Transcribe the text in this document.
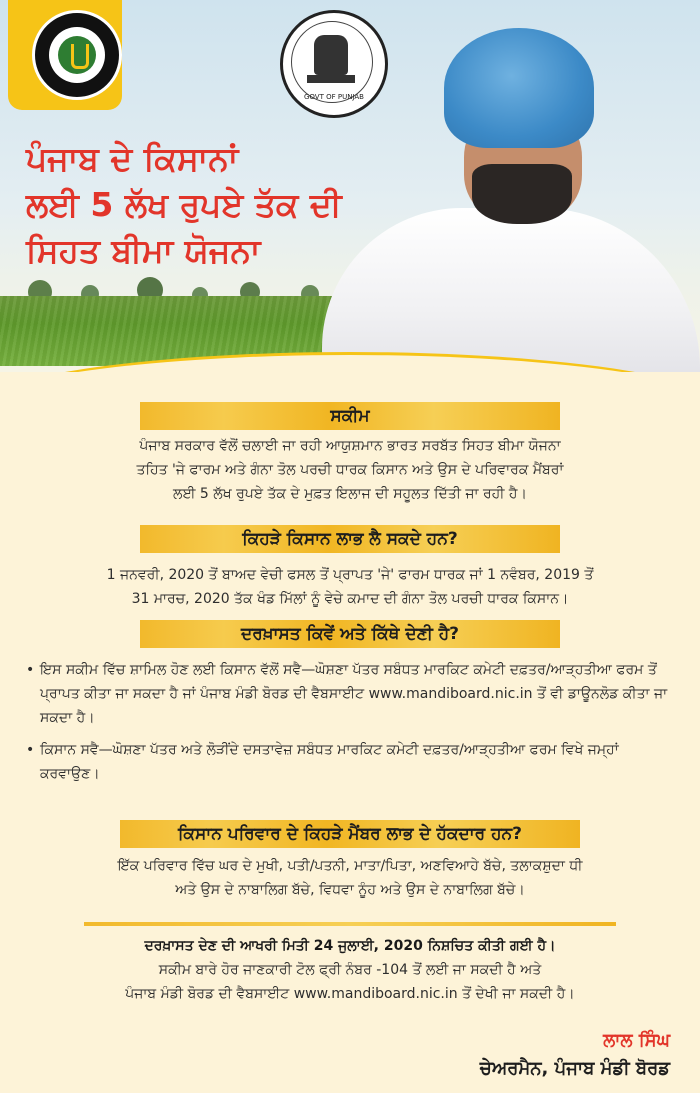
GOVT OF PUNJAB
ਪੰਜਾਬ ਦੇ ਕਿਸਾਨਾਂ
ਲਈ 5 ਲੱਖ ਰੁਪਏ ਤੱਕ ਦੀ
ਸਿਹਤ ਬੀਮਾ ਯੋਜਨਾ
ਸਕੀਮ
ਪੰਜਾਬ ਸਰਕਾਰ ਵੱਲੋਂ ਚਲਾਈ ਜਾ ਰਹੀ ਆਯੁਸ਼ਮਾਨ ਭਾਰਤ ਸਰਬੱਤ ਸਿਹਤ ਬੀਮਾ ਯੋਜਨਾ
ਤਹਿਤ 'ਜੇ ਫਾਰਮ ਅਤੇ ਗੰਨਾ ਤੋਲ ਪਰਚੀ ਧਾਰਕ ਕਿਸਾਨ ਅਤੇ ਉਸ ਦੇ ਪਰਿਵਾਰਕ ਮੈਂਬਰਾਂ
ਲਈ 5 ਲੱਖ ਰੁਪਏ ਤੱਕ ਦੇ ਮੁਫ਼ਤ ਇਲਾਜ ਦੀ ਸਹੂਲਤ ਦਿੱਤੀ ਜਾ ਰਹੀ ਹੈ।
ਕਿਹੜੇ ਕਿਸਾਨ ਲਾਭ ਲੈ ਸਕਦੇ ਹਨ?
1 ਜਨਵਰੀ, 2020 ਤੋਂ ਬਾਅਦ ਵੇਚੀ ਫਸਲ ਤੋਂ ਪ੍ਰਾਪਤ 'ਜੇ' ਫਾਰਮ ਧਾਰਕ ਜਾਂ 1 ਨਵੰਬਰ, 2019 ਤੋਂ
31 ਮਾਰਚ, 2020 ਤੱਕ ਖੰਡ ਮਿੱਲਾਂ ਨੂੰ ਵੇਚੇ ਕਮਾਦ ਦੀ ਗੰਨਾ ਤੋਲ ਪਰਚੀ ਧਾਰਕ ਕਿਸਾਨ।
ਦਰਖ਼ਾਸਤ ਕਿਵੇਂ ਅਤੇ ਕਿੱਥੇ ਦੇਣੀ ਹੈ?

• ਇਸ ਸਕੀਮ ਵਿੱਚ ਸ਼ਾਮਿਲ ਹੋਣ ਲਈ ਕਿਸਾਨ ਵੱਲੋਂ ਸਵੈ—ਘੋਸ਼ਣਾ ਪੱਤਰ ਸਬੰਧਤ ਮਾਰਕਿਟ ਕਮੇਟੀ ਦਫ਼ਤਰ/ਆੜ੍ਹਤੀਆ ਫਰਮ ਤੋਂ ਪ੍ਰਾਪਤ ਕੀਤਾ ਜਾ ਸਕਦਾ ਹੈ ਜਾਂ ਪੰਜਾਬ ਮੰਡੀ ਬੋਰਡ ਦੀ ਵੈਬਸਾਈਟ www.mandiboard.nic.in ਤੋਂ ਵੀ ਡਾਊਨਲੋਡ ਕੀਤਾ ਜਾ ਸਕਦਾ ਹੈ।

• ਕਿਸਾਨ ਸਵੈ—ਘੋਸ਼ਣਾ ਪੱਤਰ ਅਤੇ ਲੋੜੀਂਦੇ ਦਸਤਾਵੇਜ਼ ਸਬੰਧਤ ਮਾਰਕਿਟ ਕਮੇਟੀ ਦਫ਼ਤਰ/ਆੜ੍ਹਤੀਆ ਫਰਮ ਵਿਖੇ ਜਮ੍ਹਾਂ ਕਰਵਾਉਣ।

ਕਿਸਾਨ ਪਰਿਵਾਰ ਦੇ ਕਿਹੜੇ ਮੈਂਬਰ ਲਾਭ ਦੇ ਹੱਕਦਾਰ ਹਨ?
ਇੱਕ ਪਰਿਵਾਰ ਵਿੱਚ ਘਰ ਦੇ ਮੁਖੀ, ਪਤੀ/ਪਤਨੀ, ਮਾਤਾ/ਪਿਤਾ, ਅਣਵਿਆਹੇ ਬੱਚੇ, ਤਲਾਕਸ਼ੁਦਾ ਧੀ
ਅਤੇ ਉਸ ਦੇ ਨਾਬਾਲਿਗ ਬੱਚੇ, ਵਿਧਵਾ ਨੂੰਹ ਅਤੇ ਉਸ ਦੇ ਨਾਬਾਲਿਗ ਬੱਚੇ।
ਦਰਖ਼ਾਸਤ ਦੇਣ ਦੀ ਆਖਰੀ ਮਿਤੀ 24 ਜੁਲਾਈ, 2020 ਨਿਸ਼ਚਿਤ ਕੀਤੀ ਗਈ ਹੈ।
ਸਕੀਮ ਬਾਰੇ ਹੋਰ ਜਾਣਕਾਰੀ ਟੋਲ ਫ੍ਰੀ ਨੰਬਰ -104 ਤੋਂ ਲਈ ਜਾ ਸਕਦੀ ਹੈ ਅਤੇ
ਪੰਜਾਬ ਮੰਡੀ ਬੋਰਡ ਦੀ ਵੈਬਸਾਈਟ www.mandiboard.nic.in ਤੋਂ ਦੇਖੀ ਜਾ ਸਕਦੀ ਹੈ।
ਲਾਲ ਸਿੰਘ
ਚੇਅਰਮੈਨ, ਪੰਜਾਬ ਮੰਡੀ ਬੋਰਡ
